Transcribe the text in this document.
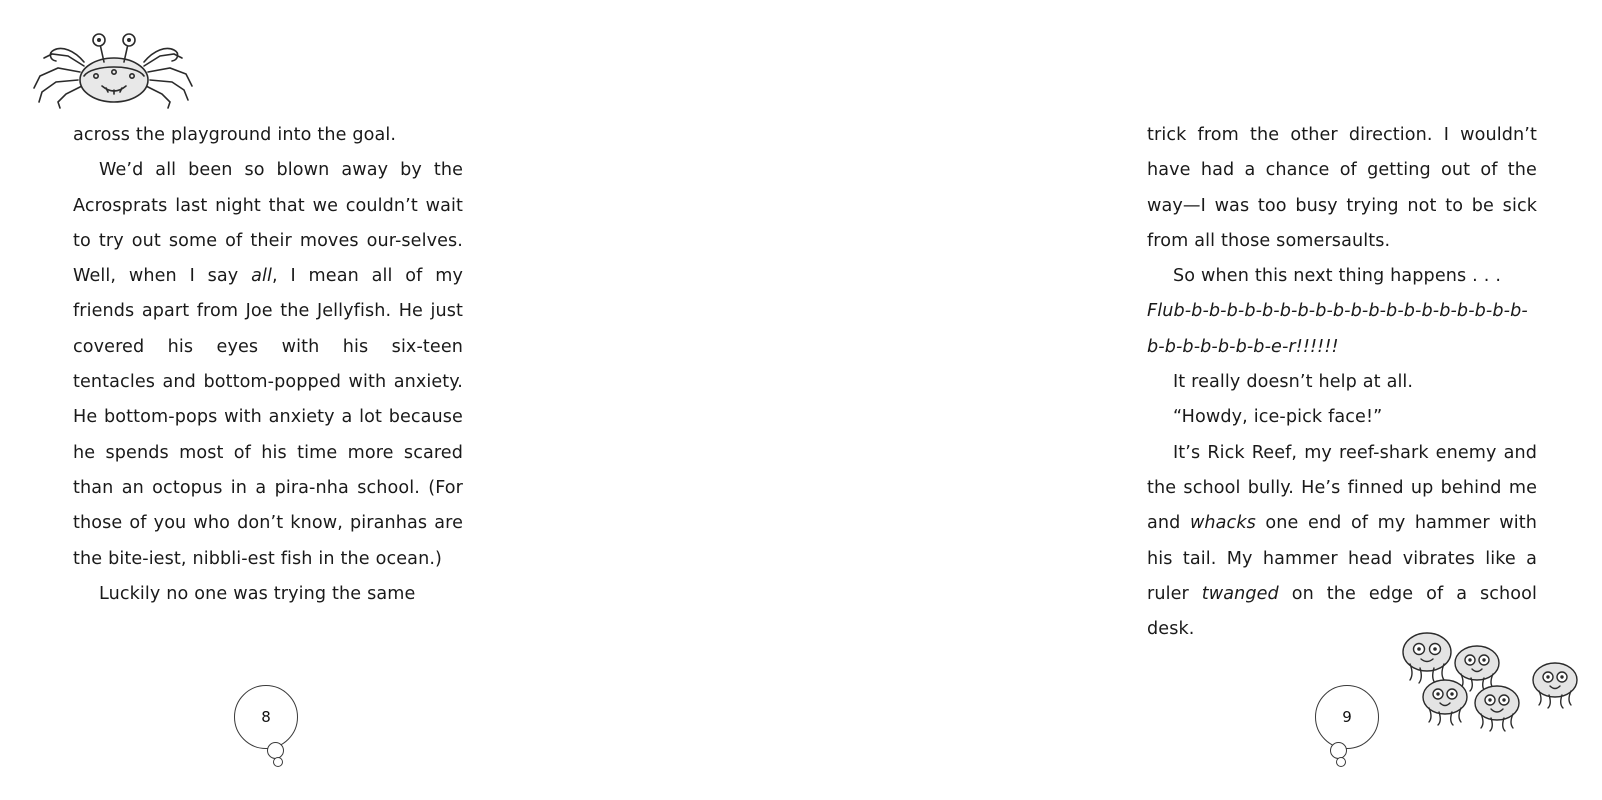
across the playground into the goal.

We’d all been so blown away by the Acrosprats last night that we couldn’t wait to try out some of their moves our-selves. Well, when I say all, I mean all of my friends apart from Joe the Jellyfish. He just covered his eyes with his six-teen tentacles and bottom-popped with anxiety. He bottom-pops with anxiety a lot because he spends most of his time more scared than an octopus in a pira-nha school. (For those of you who don’t know, piranhas are the bite-iest, nibbli-est fish in the ocean.)

Luckily no one was trying the same

8

trick from the other direction. I wouldn’t have had a chance of getting out of the way—I was too busy trying not to be sick from all those somersaults.

So when this next thing happens . . .

Flub-b-b-b-b-b-b-b-b-b-b-b-b-b-b-b-b-b-b-b-b-b-b-b-b-b-b-e-r!!!!!!

It really doesn’t help at all.

“Howdy, ice-pick face!”

It’s Rick Reef, my reef-shark enemy and the school bully. He’s finned up behind me and whacks one end of my hammer with his tail. My hammer head vibrates like a ruler twanged on the edge of a school desk.

9
